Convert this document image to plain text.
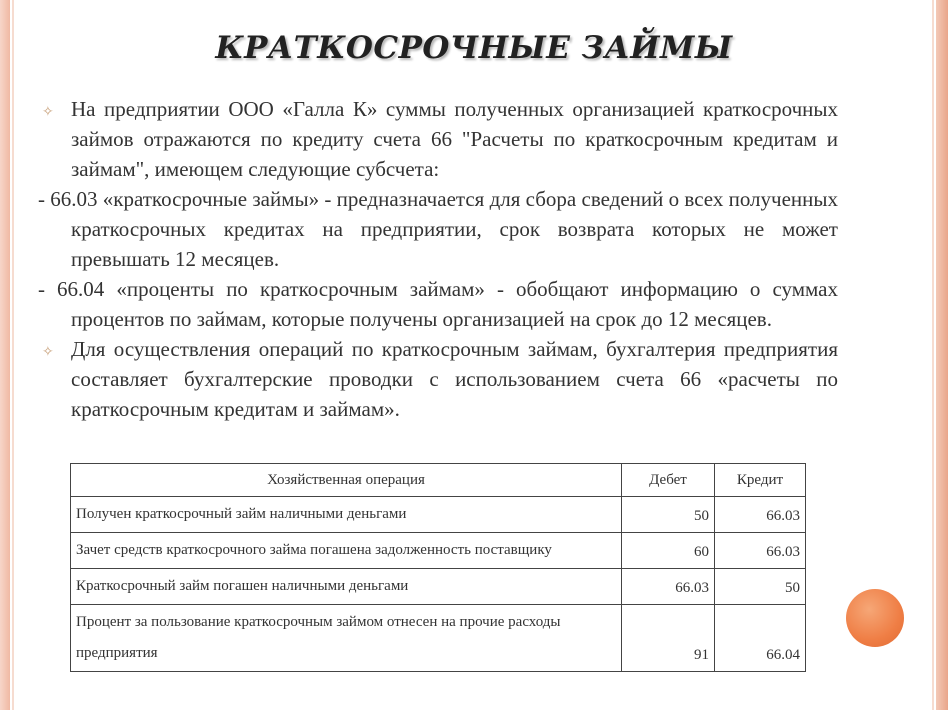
КРАТКОСРОЧНЫЕ ЗАЙМЫ
✧ На предприятии ООО «Галла К» суммы полученных организацией краткосрочных займов отражаются по кредиту счета 66 "Расчеты по краткосрочным кредитам и займам", имеющем следующие субсчета:
- 66.03 «краткосрочные займы» - предназначается для сбора сведений о всех полученных краткосрочных кредитах на предприятии, срок возврата которых не может превышать 12 месяцев.
- 66.04 «проценты по краткосрочным займам» - обобщают информацию о суммах процентов по займам, которые получены организацией на срок до 12 месяцев.
✧ Для осуществления операций по краткосрочным займам, бухгалтерия предприятия составляет бухгалтерские проводки с использованием счета 66 «расчеты по краткосрочным кредитам и займам».
Хозяйственная операция	Дебет	Кредит
Получен краткосрочный займ наличными деньгами	50	66.03
Зачет средств краткосрочного займа погашена задолженность поставщику	60	66.03
Краткосрочный займ погашен наличными деньгами	66.03	50
Процент за пользование краткосрочным займом отнесен на прочие расходы предприятия	91	66.04
